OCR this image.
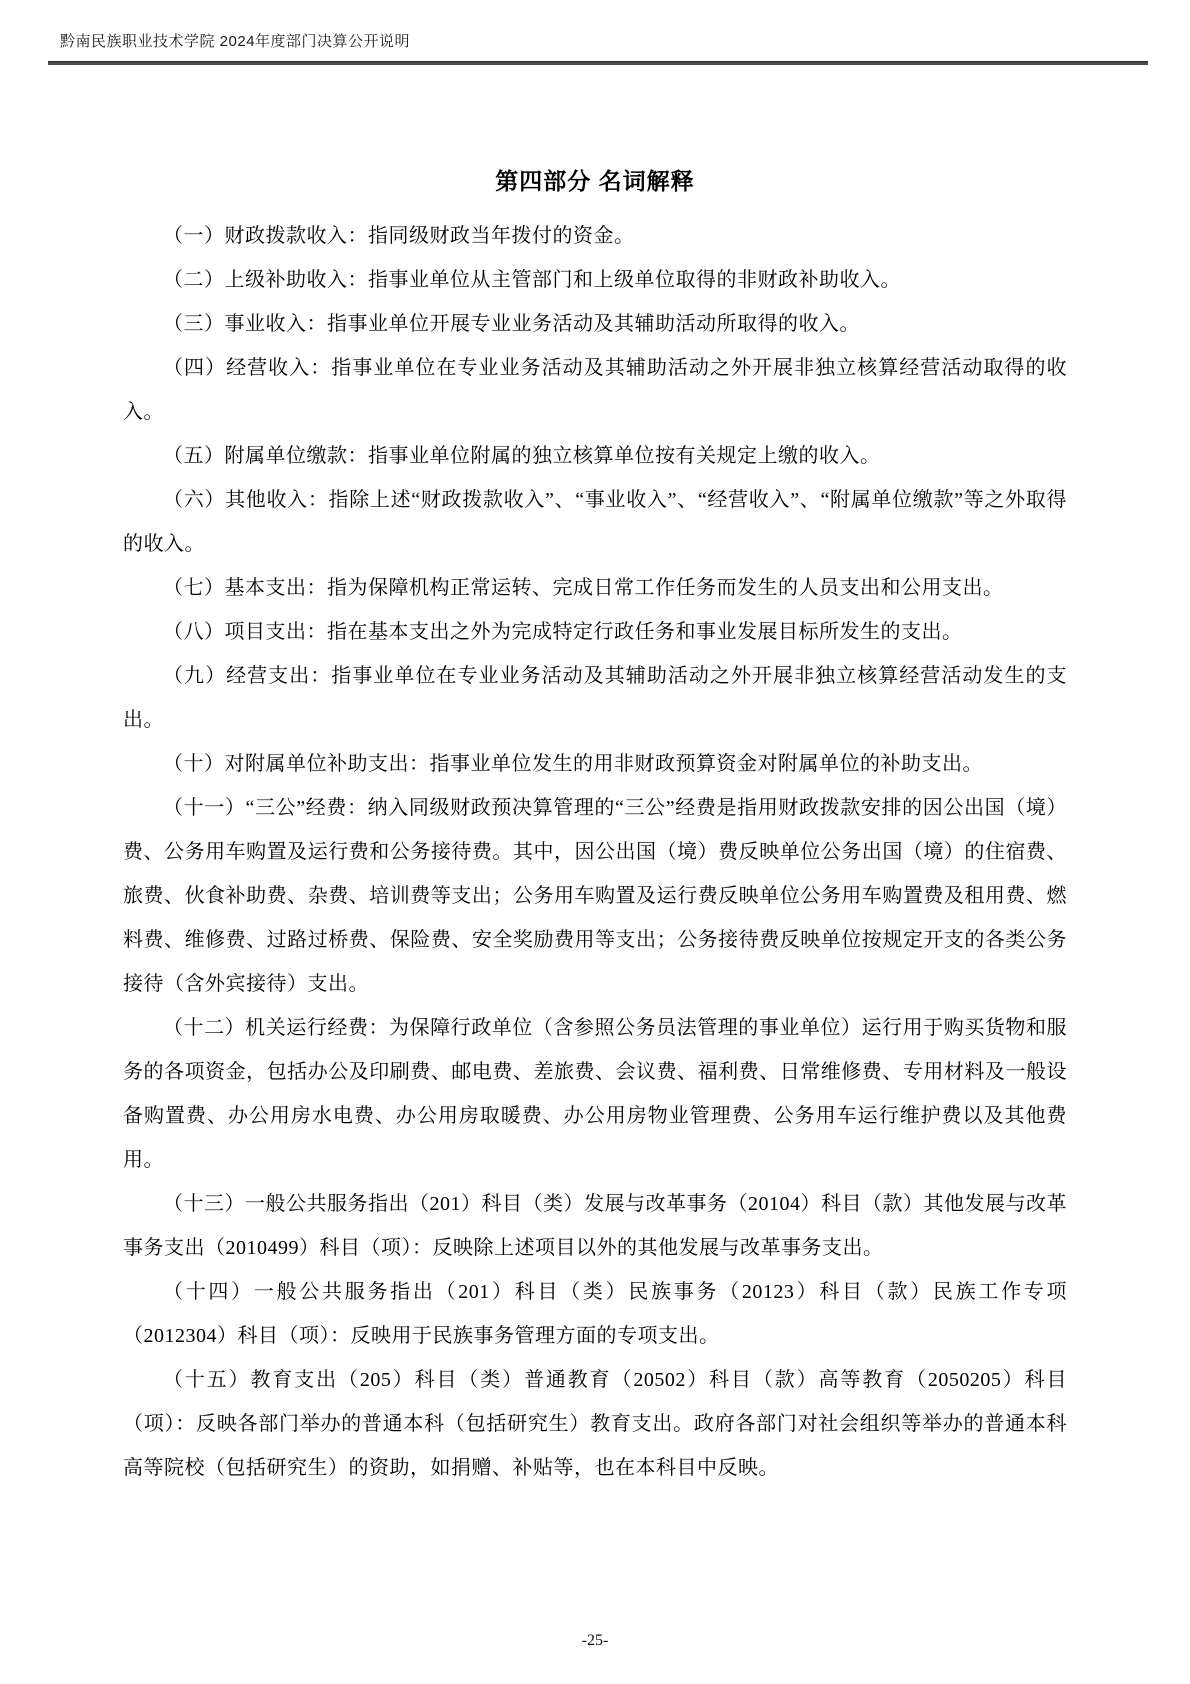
黔南民族职业技术学院 2024年度部门决算公开说明
第四部分 名词解释

（一）财政拨款收入：指同级财政当年拨付的资金。

（二）上级补助收入：指事业单位从主管部门和上级单位取得的非财政补助收入。

（三）事业收入：指事业单位开展专业业务活动及其辅助活动所取得的收入。

（四）经营收入：指事业单位在专业业务活动及其辅助活动之外开展非独立核算经营活动取得的收入。

（五）附属单位缴款：指事业单位附属的独立核算单位按有关规定上缴的收入。

（六）其他收入：指除上述“财政拨款收入”、“事业收入”、“经营收入”、“附属单位缴款”等之外取得的收入。

（七）基本支出：指为保障机构正常运转、完成日常工作任务而发生的人员支出和公用支出。

（八）项目支出：指在基本支出之外为完成特定行政任务和事业发展目标所发生的支出。

（九）经营支出：指事业单位在专业业务活动及其辅助活动之外开展非独立核算经营活动发生的支出。

（十）对附属单位补助支出：指事业单位发生的用非财政预算资金对附属单位的补助支出。

（十一）“三公”经费：纳入同级财政预决算管理的“三公”经费是指用财政拨款安排的因公出国（境）费、公务用车购置及运行费和公务接待费。其中，因公出国（境）费反映单位公务出国（境）的住宿费、旅费、伙食补助费、杂费、培训费等支出；公务用车购置及运行费反映单位公务用车购置费及租用费、燃料费、维修费、过路过桥费、保险费、安全奖励费用等支出；公务接待费反映单位按规定开支的各类公务接待（含外宾接待）支出。

（十二）机关运行经费：为保障行政单位（含参照公务员法管理的事业单位）运行用于购买货物和服务的各项资金，包括办公及印刷费、邮电费、差旅费、会议费、福利费、日常维修费、专用材料及一般设备购置费、办公用房水电费、办公用房取暖费、办公用房物业管理费、公务用车运行维护费以及其他费用。

（十三）一般公共服务指出（201）科目（类）发展与改革事务（20104）科目（款）其他发展与改革事务支出（2010499）科目（项）：反映除上述项目以外的其他发展与改革事务支出。

（十四）一般公共服务指出（201）科目（类）民族事务（20123）科目（款）民族工作专项（2012304）科目（项）：反映用于民族事务管理方面的专项支出。

（十五）教育支出（205）科目（类）普通教育（20502）科目（款）高等教育（2050205）科目（项）：反映各部门举办的普通本科（包括研究生）教育支出。政府各部门对社会组织等举办的普通本科高等院校（包括研究生）的资助，如捐赠、补贴等，也在本科目中反映。

-25-
